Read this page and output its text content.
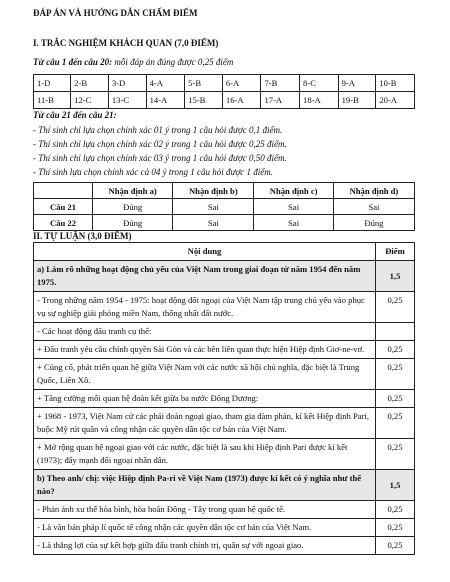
ĐÁP ÁN VÀ HƯỚNG DẪN CHẤM ĐIỂM
I. TRẮC NGHIỆM KHÁCH QUAN (7,0 ĐIỂM)
Từ câu 1 đến câu 20: mỗi đáp án đúng được 0,25 điểm
1-D	2-B	3-D	4-A	5-B	6-A	7-B	8-C	9-A	10-B
11-B	12-C	13-C	14-A	15-B	16-A	17-A	18-A	19-B	20-A
Từ câu 21 đến câu 21:
- Thí sinh chỉ lựa chọn chính xác 01 ý trong 1 câu hỏi được 0,1 điểm.
- Thí sinh chỉ lựa chọn chính xác 02 ý trong 1 câu hỏi được 0,25 điểm.
- Thí sinh chỉ lựa chọn chính xác 03 ý trong 1 câu hỏi được 0,50 điểm.
- Thí sinh lựa chọn chính xác cả 04 ý trong 1 câu hỏi được 1 điểm.
	Nhận định a)	Nhận định b)	Nhận định c)	Nhận định d)
Câu 21	Đúng	Sai	Sai	Sai
Câu 22	Đúng	Sai	Sai	Đúng
II. TỰ LUẬN (3,0 ĐIỂM)
Nội dung	Điểm
a) Làm rõ những hoạt động chủ yếu của Việt Nam trong giai đoạn từ năm 1954 đến năm 1975.	1,5
- Trong những năm 1954 - 1975: hoạt động đối ngoại của Việt Nam tập trung chủ yếu vào phục vụ sự nghiệp giải phóng miền Nam, thống nhất đất nước.	0,25
- Các hoạt động đấu tranh cụ thể:	
+ Đấu tranh yêu cầu chính quyền Sài Gòn và các bên liên quan thực hiện Hiệp định Giơ-ne-vơ.	0,25
+ Củng cố, phát triển quan hệ giữa Việt Nam với các nước xã hội chủ nghĩa, đặc biệt là Trung Quốc, Liên Xô.	0,25
+ Tăng cường mối quan hệ đoàn kết giữa ba nước Đông Dương:	0,25
+ 1968 - 1973, Việt Nam cử các phái đoàn ngoại giao, tham gia đàm phán, kí kết Hiệp định Pari, buộc Mỹ rút quân và công nhận các quyền dân tộc cơ bản của Việt Nam.	0,25
+ Mở rộng quan hệ ngoại giao với các nước, đặc biệt là sau khi Hiệp định Pari được kí kết (1973); đẩy mạnh đối ngoại nhân dân.	0,25
b) Theo anh/ chị: việc Hiệp định Pa-ri về Việt Nam (1973) được kí kết có ý nghĩa như thế nào?	1,5
- Phản ánh xu thế hòa bình, hòa hoãn Đông - Tây trong quan hệ quốc tế.	0,25
- Là văn bản pháp lí quốc tế công nhận các quyền dân tộc cơ bản của Việt Nam.	0,25
- Là thắng lợi của sự kết hợp giữa đấu tranh chính trị, quân sự với ngoại giao.	0,25
